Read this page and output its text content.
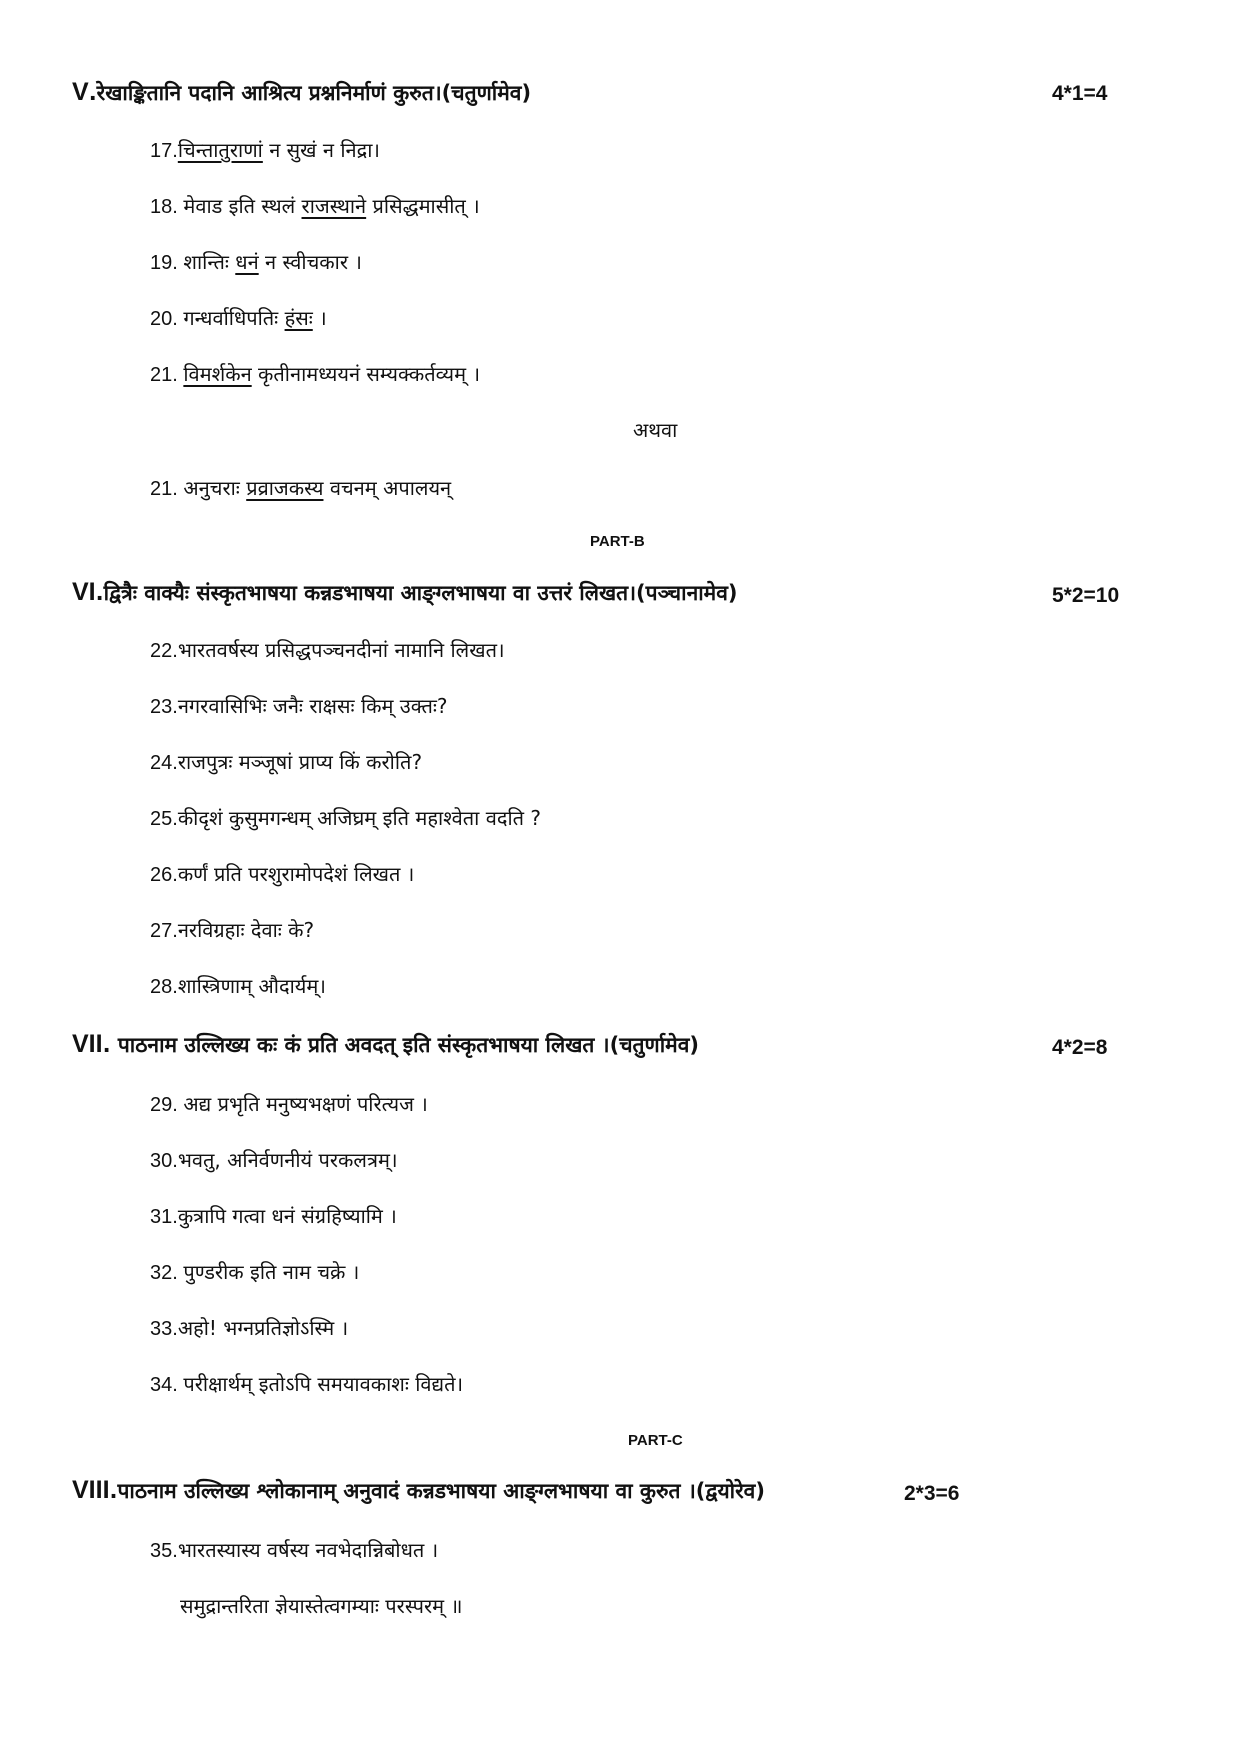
V.रेखाङ्कितानि पदानि आश्रित्य प्रश्ननिर्माणं कुरुत।(चतुर्णामेव)	4*1=4
17.चिन्तातुराणां न सुखं न निद्रा।
18. मेवाड इति स्थलं राजस्थाने प्रसिद्धमासीत् ।
19. शान्तिः धनं न स्वीचकार ।
20. गन्धर्वाधिपतिः हंसः ।
21. विमर्शकेन कृतीनामध्ययनं सम्यक्कर्तव्यम् ।
अथवा
21. अनुचराः प्रव्राजकस्य वचनम् अपालयन्
PART-B
VI.द्वित्रैः वाक्यैः संस्कृतभाषया कन्नडभाषया आङ्ग्लभाषया वा उत्तरं लिखत।(पञ्चानामेव)	5*2=10
22.भारतवर्षस्य प्रसिद्धपञ्चनदीनां नामानि लिखत।
23.नगरवासिभिः जनैः राक्षसः किम् उक्तः?
24.राजपुत्रः मञ्जूषां प्राप्य किं करोति?
25.कीदृशं कुसुमगन्धम् अजिघ्रम् इति महाश्वेता वदति ?
26.कर्णं प्रति परशुरामोपदेशं लिखत ।
27.नरविग्रहाः देवाः के?
28.शास्त्रिणाम् औदार्यम्।
VII. पाठनाम उल्लिख्य कः कं प्रति अवदत् इति संस्कृतभाषया लिखत ।(चतुर्णामेव)	4*2=8
29. अद्य प्रभृति मनुष्यभक्षणं परित्यज ।
30.भवतु, अनिर्वणनीयं परकलत्रम्।
31.कुत्रापि गत्वा धनं संग्रहिष्यामि ।
32. पुण्डरीक इति नाम चक्रे ।
33.अहो! भग्नप्रतिज्ञोऽस्मि ।
34. परीक्षार्थम् इतोऽपि समयावकाशः विद्यते।
PART-C
VIII.पाठनाम उल्लिख्य श्लोकानाम् अनुवादं कन्नडभाषया आङ्ग्लभाषया वा कुरुत ।(द्वयोरेव)	2*3=6
35.भारतस्यास्य वर्षस्य नवभेदान्निबोधत ।
समुद्रान्तरिता ज्ञेयास्तेत्वगम्याः परस्परम् ॥
